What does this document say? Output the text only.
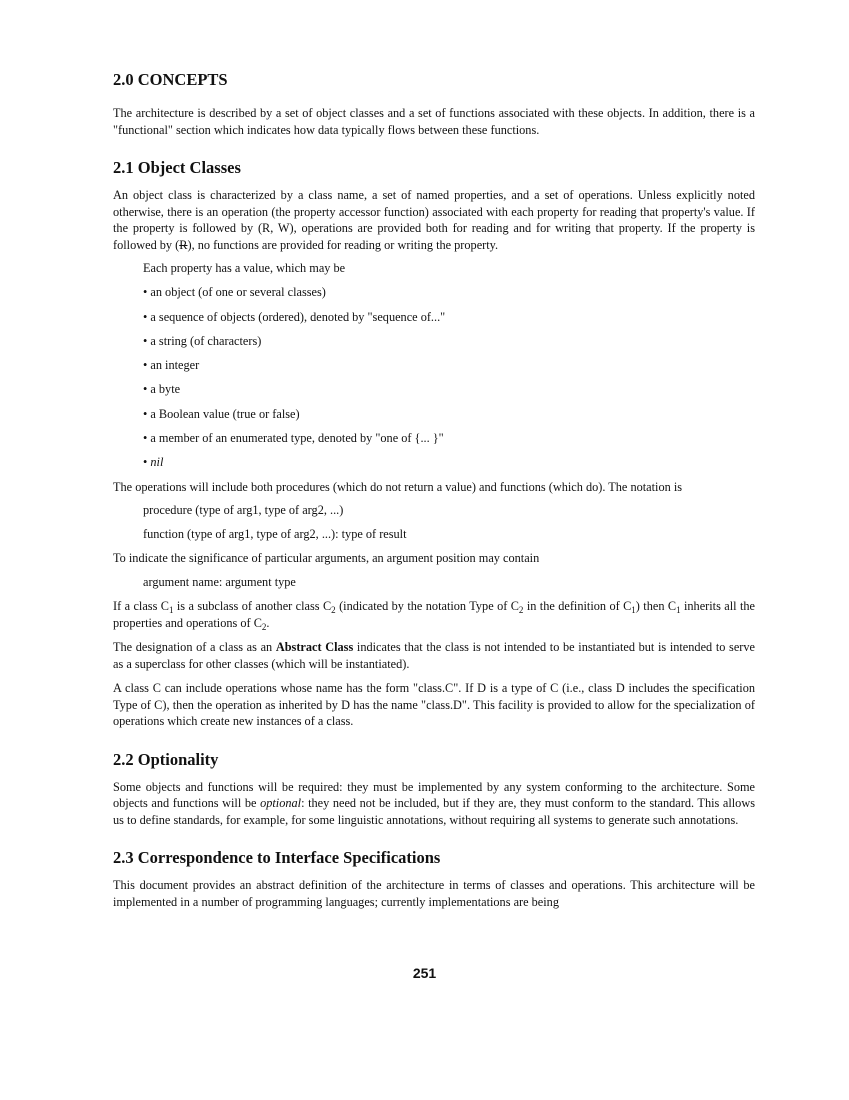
2.0 CONCEPTS

The architecture is described by a set of object classes and a set of functions associated with these objects. In addition, there is a "functional" section which indicates how data typically flows between these functions.

2.1 Object Classes

An object class is characterized by a class name, a set of named properties, and a set of operations. Unless explicitly noted otherwise, there is an operation (the property accessor function) associated with each property for reading that property's value. If the property is followed by (R, W), operations are provided both for reading and for writing that property. If the property is followed by (R), no functions are provided for reading or writing the property.

Each property has a value, which may be

• an object (of one or several classes)

• a sequence of objects (ordered), denoted by "sequence of..."

• a string (of characters)

• an integer

• a byte

• a Boolean value (true or false)

• a member of an enumerated type, denoted by "one of {... }"

• nil

The operations will include both procedures (which do not return a value) and functions (which do). The notation is

procedure (type of arg1, type of arg2, ...)

function (type of arg1, type of arg2, ...): type of result

To indicate the significance of particular arguments, an argument position may contain

argument name: argument type

If a class $C_1$ is a subclass of another class $C_2$ (indicated by the notation Type of $C_2$ in the definition of $C_1$) then $C_1$ inherits all the properties and operations of $C_2$.

The designation of a class as an Abstract Class indicates that the class is not intended to be instantiated but is intended to serve as a superclass for other classes (which will be instantiated).

A class C can include operations whose name has the form "class.C". If D is a type of C (i.e., class D includes the specification Type of C), then the operation as inherited by D has the name "class.D". This facility is provided to allow for the specialization of operations which create new instances of a class.

2.2 Optionality

Some objects and functions will be required: they must be implemented by any system conforming to the architecture. Some objects and functions will be optional: they need not be included, but if they are, they must conform to the standard. This allows us to define standards, for example, for some linguistic annotations, without requiring all systems to generate such annotations.

2.3 Correspondence to Interface Specifications

This document provides an abstract definition of the architecture in terms of classes and operations. This architecture will be implemented in a number of programming languages; currently implementations are being

251
